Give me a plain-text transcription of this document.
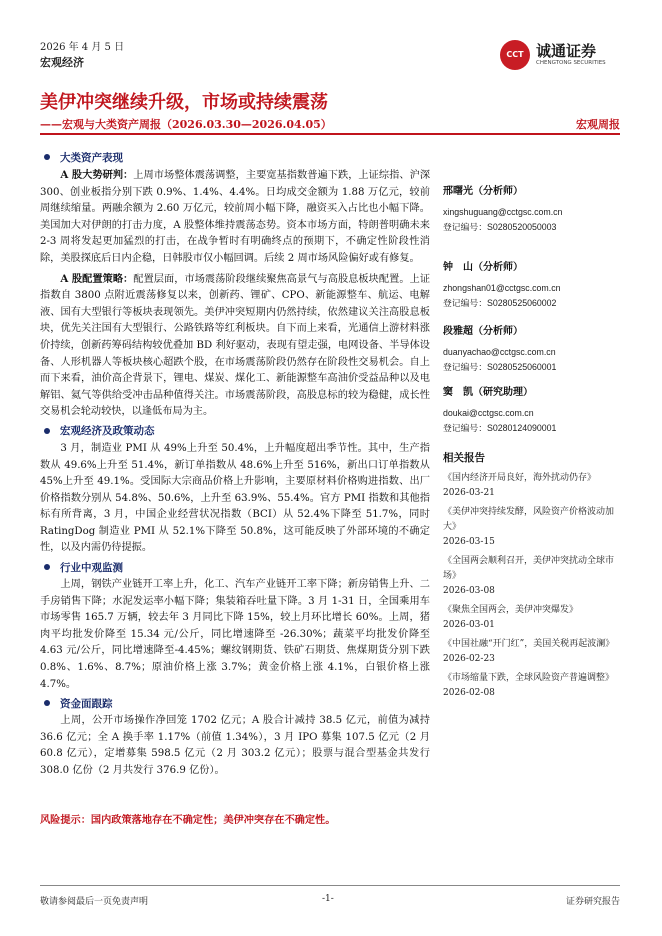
2026 年 4 月 5 日
宏观经济
CCT 诚通证券
CHENGTONG SECURITIES
美伊冲突继续升级，市场或持续震荡
——宏观与大类资产周报（2026.03.30—2026.04.05）	宏观周报
大类资产表现

A 股大势研判：上周市场整体震荡调整，主要宽基指数普遍下跌，上证综指、沪深 300、创业板指分别下跌 0.9%、1.4%、4.4%。日均成交金额为 1.88 万亿元，较前周继续缩量。两融余额为 2.60 万亿元，较前周小幅下降，融资买入占比也小幅下降。美国加大对伊朗的打击力度，A 股整体维持震荡态势。资本市场方面，特朗普明确未来 2-3 周将发起更加猛烈的打击，在战争暂时有明确终点的预期下，不确定性阶段性消除，美股探底后日内企稳，日韩股市仅小幅回调。后续 2 周市场风险偏好或有修复。

A 股配置策略：配置层面，市场震荡阶段继续聚焦高景气与高股息板块配置。上证指数自 3800 点附近震荡修复以来，创新药、锂矿、CPO、新能源整车、航运、电解液、国有大型银行等板块表现领先。美伊冲突短期内仍然持续，依然建议关注高股息板块，优先关注国有大型银行、公路铁路等红利板块。自下而上来看，光通信上游材料涨价持续，创新药筹码结构较优叠加 BD 利好驱动，表现有望走强，电网设备、半导体设备、人形机器人等板块核心超跌个股，在市场震荡阶段仍然存在阶段性交易机会。自上而下来看，油价高企背景下，锂电、煤炭、煤化工、新能源整车高油价受益品种以及电解铝、氦气等供给受冲击品种值得关注。市场震荡阶段，高股息标的较为稳健，成长性交易机会轮动较快，以逢低布局为主。

宏观经济及政策动态

3 月，制造业 PMI 从 49%上升至 50.4%，上升幅度超出季节性。其中，生产指数从 49.6%上升至 51.4%，新订单指数从 48.6%上升至 516%，新出口订单指数从 45%上升至 49.1%。受国际大宗商品价格上升影响，主要原材料价格购进指数、出厂价格指数分别从 54.8%、50.6%，上升至 63.9%、55.4%。官方 PMI 指数和其他指标有所背离，3 月，中国企业经营状况指数（BCI）从 52.4%下降至 51.7%，同时 RatingDog 制造业 PMI 从 52.1%下降至 50.8%，这可能反映了外部环境的不确定性，以及内需仍待提振。

行业中观监测

上周，钢铁产业链开工率上升，化工、汽车产业链开工率下降；新房销售上升、二手房销售下降；水泥发运率小幅下降；集装箱吞吐量下降。3 月 1-31 日，全国乘用车市场零售 165.7 万辆，较去年 3 月同比下降 15%，较上月环比增长 60%。上周，猪肉平均批发价降至 15.34 元/公斤，同比增速降至 -26.30%；蔬菜平均批发价降至 4.63 元/公斤，同比增速降至-4.45%；螺纹钢期货、铁矿石期货、焦煤期货分别下跌 0.8%、1.6%、8.7%；原油价格上涨 3.7%；黄金价格上涨 4.1%，白银价格上涨 4.7%。

资金面跟踪

上周，公开市场操作净回笼 1702 亿元；A 股合计减持 38.5 亿元，前值为减持 36.6 亿元；全 A 换手率 1.17%（前值 1.34%），3 月 IPO 募集 107.5 亿元（2 月 60.8 亿元），定增募集 598.5 亿元（2 月 303.2 亿元）；股票与混合型基金共发行 308.0 亿份（2 月共发行 376.9 亿份）。

风险提示：国内政策落地存在不确定性；美伊冲突存在不确定性。
邢曙光（分析师）
xingshuguang@cctgsc.com.cn
登记编号：S0280520050003
钟　山（分析师）
zhongshan01@cctgsc.com.cn
登记编号：S0280525060002
段雅超（分析师）
duanyachao@cctgsc.com.cn
登记编号：S0280525060001
窦　凯（研究助理）
doukai@cctgsc.com.cn
登记编号：S0280124090001
相关报告
《国内经济开局良好，海外扰动仍存》
2026-03-21
《美伊冲突持续发酵，风险资产价格波动加大》
2026-03-15
《全国两会顺利召开，美伊冲突扰动全球市场》
2026-03-08
《聚焦全国两会，美伊冲突爆发》
2026-03-01
《中国社融“开门红”，美国关税再起波澜》
2026-02-23
《市场缩量下跌，全球风险资产普遍调整》
2026-02-08
敬请参阅最后一页免责声明	-1-	证券研究报告
